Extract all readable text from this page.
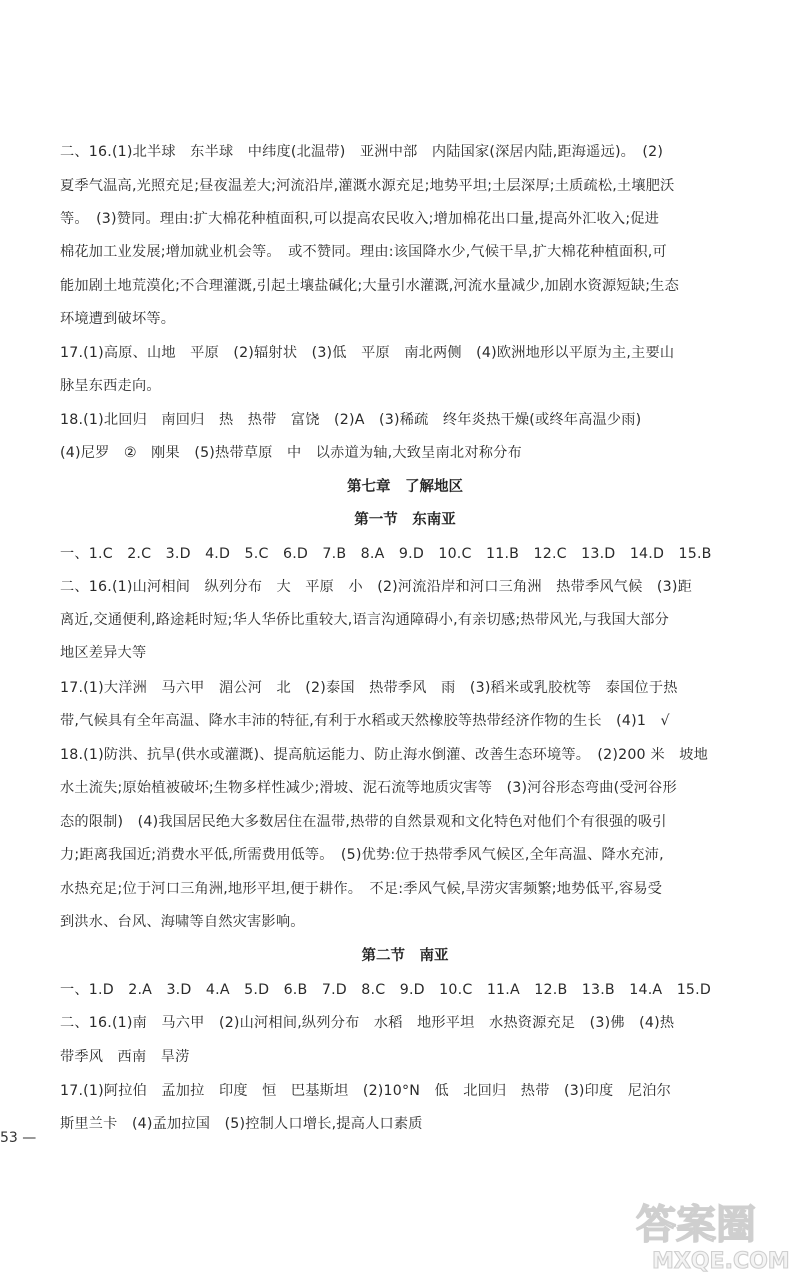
二、16.(1)北半球　东半球　中纬度(北温带)　亚洲中部　内陆国家(深居内陆,距海遥远)。　(2)
夏季气温高,光照充足;昼夜温差大;河流沿岸,灌溉水源充足;地势平坦;土层深厚;土质疏松,土壤肥沃
等。　(3)赞同。理由:扩大棉花种植面积,可以提高农民收入;增加棉花出口量,提高外汇收入;促进
棉花加工业发展;增加就业机会等。　或不赞同。理由:该国降水少,气候干旱,扩大棉花种植面积,可
能加剧土地荒漠化;不合理灌溉,引起土壤盐碱化;大量引水灌溉,河流水量减少,加剧水资源短缺;生态
环境遭到破坏等。
17.(1)高原、山地　平原　(2)辐射状　(3)低　平原　南北两侧　(4)欧洲地形以平原为主,主要山
脉呈东西走向。
18.(1)北回归　南回归　热　热带　富饶　(2)A　(3)稀疏　终年炎热干燥(或终年高温少雨)
(4)尼罗　②　刚果　(5)热带草原　中　以赤道为轴,大致呈南北对称分布
第七章　了解地区
第一节　东南亚
一、1.C　2.C　3.D　4.D　5.C　6.D　7.B　8.A　9.D　10.C　11.B　12.C　13.D　14.D　15.B
二、16.(1)山河相间　纵列分布　大　平原　小　(2)河流沿岸和河口三角洲　热带季风气候　(3)距
离近,交通便利,路途耗时短;华人华侨比重较大,语言沟通障碍小,有亲切感;热带风光,与我国大部分
地区差异大等
17.(1)大洋洲　马六甲　湄公河　北　(2)泰国　热带季风　雨　(3)稻米或乳胶枕等　泰国位于热
带,气候具有全年高温、降水丰沛的特征,有利于水稻或天然橡胶等热带经济作物的生长　(4)1　√
18.(1)防洪、抗旱(供水或灌溉)、提高航运能力、防止海水倒灌、改善生态环境等。　(2)200 米　坡地
水土流失;原始植被破坏;生物多样性减少;滑坡、泥石流等地质灾害等　(3)河谷形态弯曲(受河谷形
态的限制)　(4)我国居民绝大多数居住在温带,热带的自然景观和文化特色对他们个有很强的吸引
力;距离我国近;消费水平低,所需费用低等。　(5)优势:位于热带季风气候区,全年高温、降水充沛,
水热充足;位于河口三角洲,地形平坦,便于耕作。　不足:季风气候,旱涝灾害频繁;地势低平,容易受
到洪水、台风、海啸等自然灾害影响。
第二节　南亚
一、1.D　2.A　3.D　4.A　5.D　6.B　7.D　8.C　9.D　10.C　11.A　12.B　13.B　14.A　15.D
二、16.(1)南　马六甲　(2)山河相间,纵列分布　水稻　地形平坦　水热资源充足　(3)佛　(4)热
带季风　西南　旱涝
17.(1)阿拉伯　孟加拉　印度　恒　巴基斯坦　(2)10°N　低　北回归　热带　(3)印度　尼泊尔
斯里兰卡　(4)孟加拉国　(5)控制人口增长,提高人口素质
53 —
答案圈
MXQE.COM
